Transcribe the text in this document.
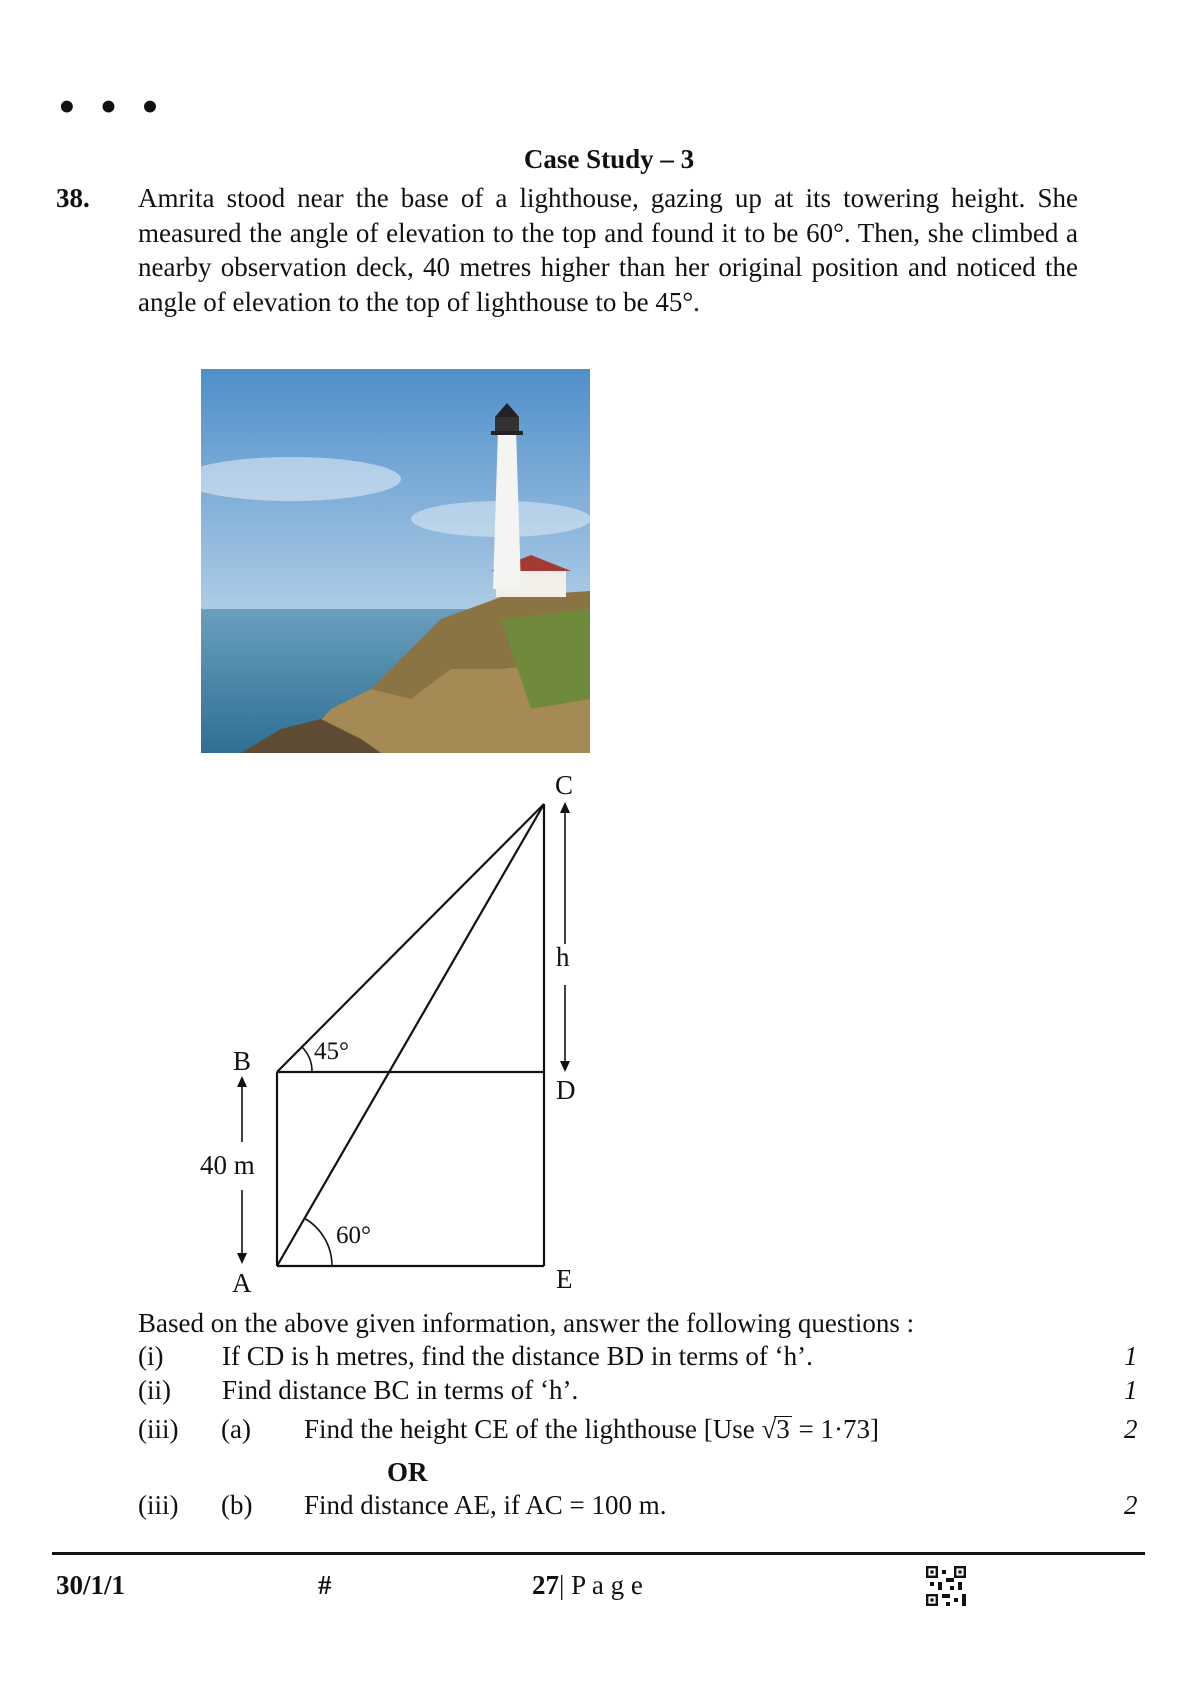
• • •
Case Study – 3
38. Amrita stood near the base of a lighthouse, gazing up at its towering height. She measured the angle of elevation to the top and found it to be 60°. Then, she climbed a nearby observation deck, 40 metres higher than her original position and noticed the angle of elevation to the top of lighthouse to be 45°.
C
h
B
D
40 m
A	E
45°
60°
Based on the above given information, answer the following questions :
(i) If CD is h metres, find the distance BD in terms of ‘h’.	1
(ii) Find distance BC in terms of ‘h’.	1
(iii) (a) Find the height CE of the lighthouse [Use √3 = 1·73]	2
OR
(iii) (b) Find distance AE, if AC = 100 m.	2
30/1/1	#	27| P a g e
